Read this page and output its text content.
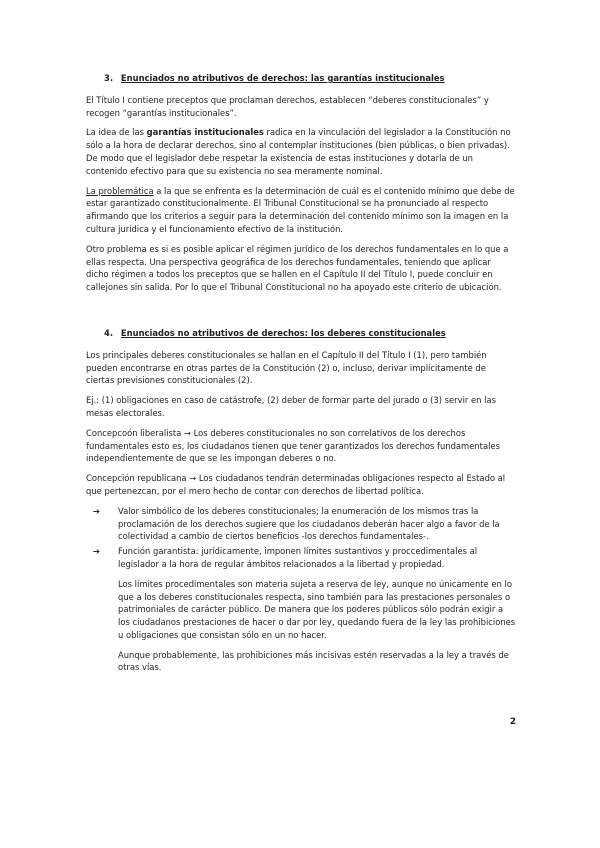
3. Enunciados no atributivos de derechos: las garantías institucionales

El Título I contiene preceptos que proclaman derechos, establecen “deberes constitucionales” y recogen “garantías institucionales”.

La idea de las garantías institucionales radica en la vinculación del legislador a la Constitución no sólo a la hora de declarar derechos, sino al contemplar instituciones (bien públicas, o bien privadas). De modo que el legislador debe respetar la existencia de estas instituciones y dotarla de un contenido efectivo para que su existencia no sea meramente nominal.

La problemática a la que se enfrenta es la determinación de cuál es el contenido mínimo que debe de estar garantizado constitucionalmente. El Tribunal Constitucional se ha pronunciado al respecto afirmando que los criterios a seguir para la determinación del contenido mínimo son la imagen en la cultura jurídica y el funcionamiento efectivo de la institución.

Otro problema es si es posible aplicar el régimen jurídico de los derechos fundamentales en lo que a ellas respecta. Una perspectiva geográfica de los derechos fundamentales, teniendo que aplicar dicho régimen a todos los preceptos que se hallen en el Capítulo II del Título I, puede concluir en callejones sin salida. Por lo que el Tribunal Constitucional no ha apoyado este criterio de ubicación.

4. Enunciados no atributivos de derechos: los deberes constitucionales

Los principales deberes constitucionales se hallan en el Capítulo II del Título I (1), pero también pueden encontrarse en otras partes de la Constitución (2) o, incluso, derivar implícitamente de ciertas previsiones constitucionales (2).

Ej.: (1) obligaciones en caso de catástrofe, (2) deber de formar parte del jurado o (3) servir en las mesas electorales.

Concepcoón liberalista → Los deberes constitucionales no son correlativos de los derechos fundamentales esto es, los ciudadanos tienen que tener garantizados los derechos fundamentales independientemente de que se les impongan deberes o no.

Concepción republicana → Los ciudadanos tendrán determinadas obligaciones respecto al Estado al que pertenezcan, por el mero hecho de contar con derechos de libertad política.

➔ Valor simbólico de los deberes constitucionales; la enumeración de los mismos tras la proclamación de los derechos sugiere que los ciudadanos deberán hacer algo a favor de la colectividad a cambio de ciertos beneficios -los derechos fundamentales-.
➔ Función garantista: jurídicamente, imponen límites sustantivos y proccedimentales al legislador a la hora de regular ámbitos relacionados a la libertad y propiedad.

Los límites procedimentales son materia sujeta a reserva de ley, aunque no únicamente en lo que a los deberes constitucionales respecta, sino también para las prestaciones personales o patrimoniales de carácter público. De manera que los poderes públicos sólo podrán exigir a los ciudadanos prestaciones de hacer o dar por ley, quedando fuera de la ley las prohibiciones u obligaciones que consistan sólo en un no hacer.

Aunque probablemente, las prohibiciones más incisivas estén reservadas a la ley a través de otras vías.

2
